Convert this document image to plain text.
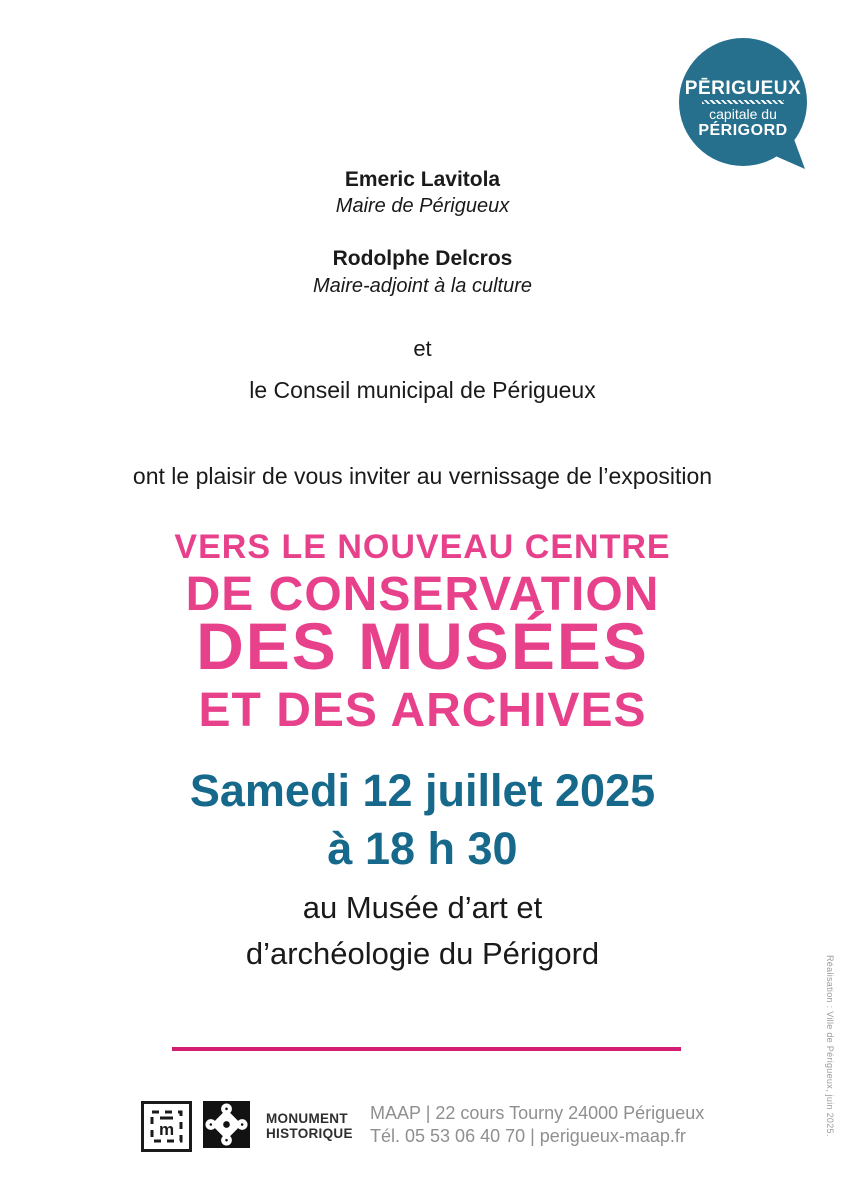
PĒRIGUEUX
capitale du
PÉRIGORD
Emeric Lavitola
Maire de Périgueux
Rodolphe Delcros
Maire-adjoint à la culture
et
le Conseil municipal de Périgueux
ont le plaisir de vous inviter au vernissage de l’exposition
VERS LE NOUVEAU CENTRE
DE CONSERVATION
DES MUSÉES
ET DES ARCHIVES
Samedi 12 juillet 2025
à 18 h 30
au Musée d’art et
d’archéologie du Périgord
m
MONUMENT
HISTORIQUE
MAAP | 22 cours Tourny 24000 Périgueux
Tél. 05 53 06 40 70 | perigueux-maap.fr	Réalisation : Ville de Périgueux, juin 2025.
